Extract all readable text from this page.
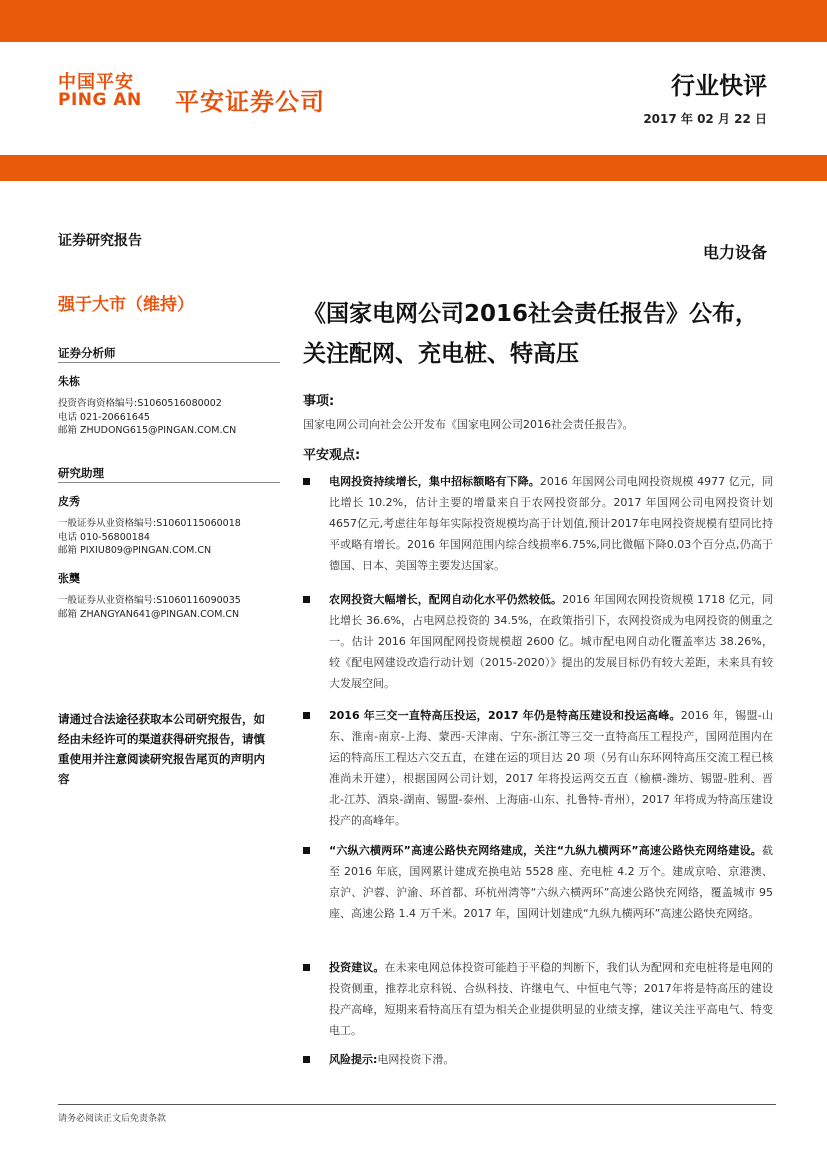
中国平安
PING AN 平安证券公司
行业快评
2017 年 02 月 22 日
证券研究报告
电力设备
强于大市（维持）	《国家电网公司2016社会责任报告》公布，关注配网、充电桩、特高压
证券分析师
朱栋
投资咨询资格编号:S1060516080002
电话 021-20661645
邮箱 ZHUDONG615@PINGAN.COM.CN
研究助理
皮秀
一般证券从业资格编号:S1060115060018
电话 010-56800184
邮箱 PIXIU809@PINGAN.COM.CN
张龑
一般证券从业资格编号:S1060116090035
邮箱 ZHANGYAN641@PINGAN.COM.CN
请通过合法途径获取本公司研究报告，如经由未经许可的渠道获得研究报告，请慎重使用并注意阅读研究报告尾页的声明内容
事项:
国家电网公司向社会公开发布《国家电网公司2016社会责任报告》。
平安观点:
电网投资持续增长，集中招标额略有下降。2016 年国网公司电网投资规模 4977 亿元，同比增长 10.2%，估计主要的增量来自于农网投资部分。2017 年国网公司电网投资计划4657亿元,考虑往年每年实际投资规模均高于计划值,预计2017年电网投资规模有望同比持平或略有增长。2016 年国网范围内综合线损率6.75%,同比微幅下降0.03个百分点,仍高于德国、日本、美国等主要发达国家。
农网投资大幅增长，配网自动化水平仍然较低。2016 年国网农网投资规模 1718 亿元，同比增长 36.6%，占电网总投资的 34.5%，在政策指引下，农网投资成为电网投资的侧重之一。估计 2016 年国网配网投资规模超 2600 亿。城市配电网自动化覆盖率达 38.26%，较《配电网建设改造行动计划（2015-2020）》提出的发展目标仍有较大差距，未来具有较大发展空间。
2016 年三交一直特高压投运，2017 年仍是特高压建设和投运高峰。2016 年，锡盟-山东、淮南-南京-上海、蒙西-天津南、宁东-浙江等三交一直特高压工程投产，国网范围内在运的特高压工程达六交五直，在建在运的项目达 20 项（另有山东环网特高压交流工程已核准尚未开建），根据国网公司计划，2017 年将投运两交五直（榆横-潍坊、锡盟-胜利、晋北-江苏、酒泉-湖南、锡盟-泰州、上海庙-山东、扎鲁特-青州），2017 年将成为特高压建设投产的高峰年。
“六纵六横两环”高速公路快充网络建成，关注“九纵九横两环”高速公路快充网络建设。截至 2016 年底，国网累计建成充换电站 5528 座、充电桩 4.2 万个。建成京哈、京港澳、京沪、沪蓉、沪渝、环首都、环杭州湾等“六纵六横两环”高速公路快充网络，覆盖城市 95 座、高速公路 1.4 万千米。2017 年，国网计划建成“九纵九横两环”高速公路快充网络。
投资建议。在未来电网总体投资可能趋于平稳的判断下，我们认为配网和充电桩将是电网的投资侧重，推荐北京科锐、合纵科技、许继电气、中恒电气等；2017年将是特高压的建设投产高峰，短期来看特高压有望为相关企业提供明显的业绩支撑，建议关注平高电气、特变电工。
风险提示:电网投资下滑。
请务必阅读正文后免责条款
